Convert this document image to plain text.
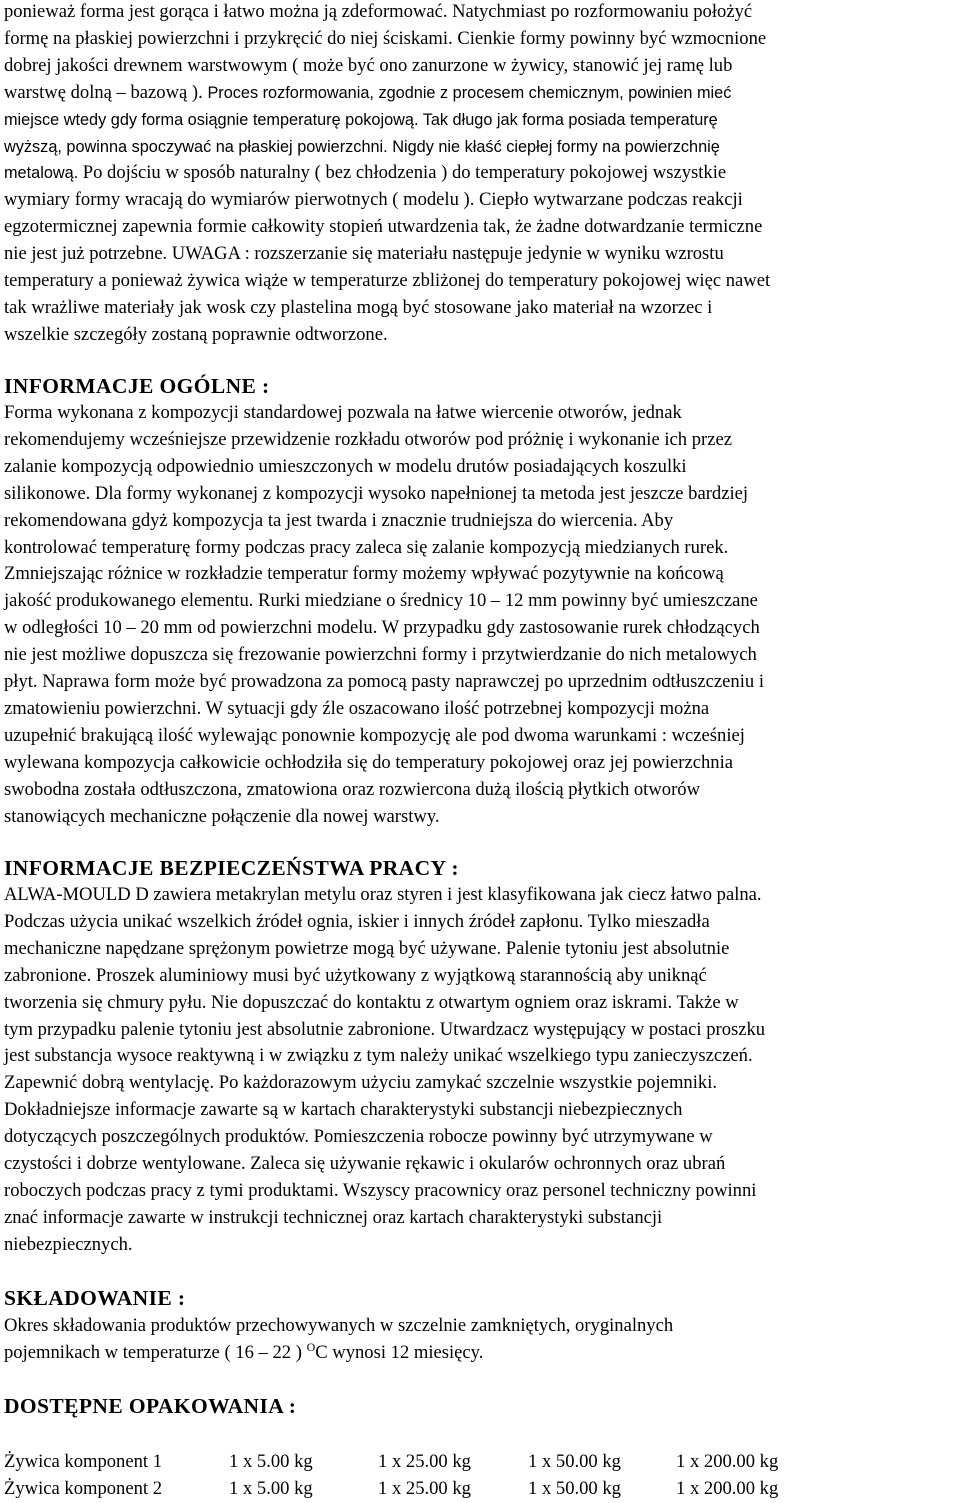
ponieważ forma jest gorąca i łatwo można ją zdeformować. Natychmiast po rozformowaniu położyć
formę na płaskiej powierzchni i przykręcić do niej ściskami. Cienkie formy powinny być wzmocnione
dobrej jakości drewnem warstwowym ( może być ono zanurzone w żywicy, stanowić jej ramę lub
warstwę dolną – bazową ). Proces rozformowania, zgodnie z procesem chemicznym, powinien mieć
miejsce wtedy gdy forma osiągnie temperaturę pokojową. Tak długo jak forma posiada temperaturę
wyższą, powinna spoczywać na płaskiej powierzchni. Nigdy nie kłaść ciepłej formy na powierzchnię
metalową. Po dojściu w sposób naturalny ( bez chłodzenia ) do temperatury pokojowej wszystkie
wymiary formy wracają do wymiarów pierwotnych ( modelu ). Ciepło wytwarzane podczas reakcji
egzotermicznej zapewnia formie całkowity stopień utwardzenia tak, że żadne dotwardzanie termiczne
nie jest już potrzebne. UWAGA : rozszerzanie się materiału następuje jedynie w wyniku wzrostu
temperatury a ponieważ żywica wiąże w temperaturze zbliżonej do temperatury pokojowej więc nawet
tak wrażliwe materiały jak wosk czy plastelina mogą być stosowane jako materiał na wzorzec i
wszelkie szczegóły zostaną poprawnie odtworzone.
INFORMACJE OGÓLNE :
Forma wykonana z kompozycji standardowej pozwala na łatwe wiercenie otworów, jednak
rekomendujemy wcześniejsze przewidzenie rozkładu otworów pod próżnię i wykonanie ich przez
zalanie kompozycją odpowiednio umieszczonych w modelu drutów posiadających koszulki
silikonowe. Dla formy wykonanej z kompozycji wysoko napełnionej ta metoda jest jeszcze bardziej
rekomendowana gdyż kompozycja ta jest twarda i znacznie trudniejsza do wiercenia. Aby
kontrolować temperaturę formy podczas pracy zaleca się zalanie kompozycją miedzianych rurek.
Zmniejszając różnice w rozkładzie temperatur formy możemy wpływać pozytywnie na końcową
jakość produkowanego elementu. Rurki miedziane o średnicy 10 – 12 mm powinny być umieszczane
w odległości 10 – 20 mm od powierzchni modelu. W przypadku gdy zastosowanie rurek chłodzących
nie jest możliwe dopuszcza się frezowanie powierzchni formy i przytwierdzanie do nich metalowych
płyt. Naprawa form może być prowadzona za pomocą pasty naprawczej po uprzednim odtłuszczeniu i
zmatowieniu powierzchni. W sytuacji gdy źle oszacowano ilość potrzebnej kompozycji można
uzupełnić brakującą ilość wylewając ponownie kompozycję ale pod dwoma warunkami : wcześniej
wylewana kompozycja całkowicie ochłodziła się do temperatury pokojowej oraz jej powierzchnia
swobodna została odtłuszczona, zmatowiona oraz rozwiercona dużą ilością płytkich otworów
stanowiących mechaniczne połączenie dla nowej warstwy.
INFORMACJE BEZPIECZEŃSTWA PRACY :
ALWA-MOULD D zawiera metakrylan metylu oraz styren i jest klasyfikowana jak ciecz łatwo palna.
Podczas użycia unikać wszelkich źródeł ognia, iskier i innych źródeł zapłonu. Tylko mieszadła
mechaniczne napędzane sprężonym powietrze mogą być używane. Palenie tytoniu jest absolutnie
zabronione. Proszek aluminiowy musi być użytkowany z wyjątkową starannością aby uniknąć
tworzenia się chmury pyłu. Nie dopuszczać do kontaktu z otwartym ogniem oraz iskrami. Także w
tym przypadku palenie tytoniu jest absolutnie zabronione. Utwardzacz występujący w postaci proszku
jest substancja wysoce reaktywną i w związku z tym należy unikać wszelkiego typu zanieczyszczeń.
Zapewnić dobrą wentylację. Po każdorazowym użyciu zamykać szczelnie wszystkie pojemniki.
Dokładniejsze informacje zawarte są w kartach charakterystyki substancji niebezpiecznych
dotyczących poszczególnych produktów. Pomieszczenia robocze powinny być utrzymywane w
czystości i dobrze wentylowane. Zaleca się używanie rękawic i okularów ochronnych oraz ubrań
roboczych podczas pracy z tymi produktami. Wszyscy pracownicy oraz personel techniczny powinni
znać informacje zawarte w instrukcji technicznej oraz kartach charakterystyki substancji
niebezpiecznych.
SKŁADOWANIE :
Okres składowania produktów przechowywanych w szczelnie zamkniętych, oryginalnych
pojemnikach w temperaturze ( 16 – 22 ) $^O$C wynosi 12 miesięcy.
DOSTĘPNE OPAKOWANIA :
Żywica komponent 1	1 x 5.00 kg	1 x 25.00 kg	1 x 50.00 kg	1 x 200.00 kg
Żywica komponent 2	1 x 5.00 kg	1 x 25.00 kg	1 x 50.00 kg	1 x 200.00 kg
